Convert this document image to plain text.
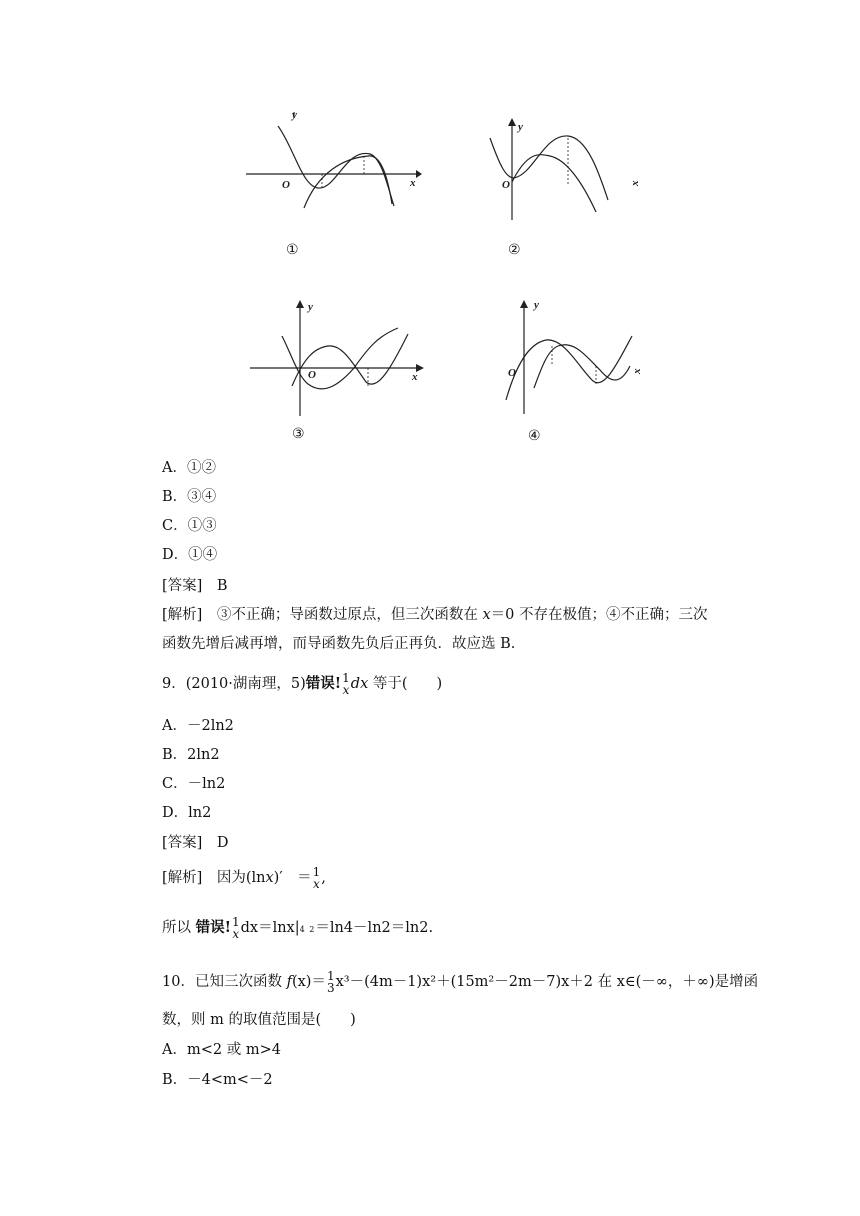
y
O	x
①
y
O	x
②
y
O	x
③
y
O	x
④
A．①②
B．③④
C．①③
D．①④
[答案]　B
[解析]　③不正确；导函数过原点，但三次函数在 x＝0 不存在极值；④不正确；三次
函数先增后减再增，而导函数先负后正再负．故应选 B.
9．(2010·湖南理，5)错误! 1
x dx 等于(　　)
A．－2ln2
B．2ln2
C．－ln2
D．ln2
[答案]　D
[解析]　因为(lnx)′　＝ 1
x ,
所以 错误! 1
x dx＝lnx|4 2＝ln4－ln2＝ln2.
10．已知三次函数 f(x)＝ 1
3 x³－(4m－1)x²＋(15m²－2m－7)x＋2 在 x∈(－∞，＋∞)是增函
数，则 m 的取值范围是(　　)
A．m<2 或 m>4
B．－4<m<－2
